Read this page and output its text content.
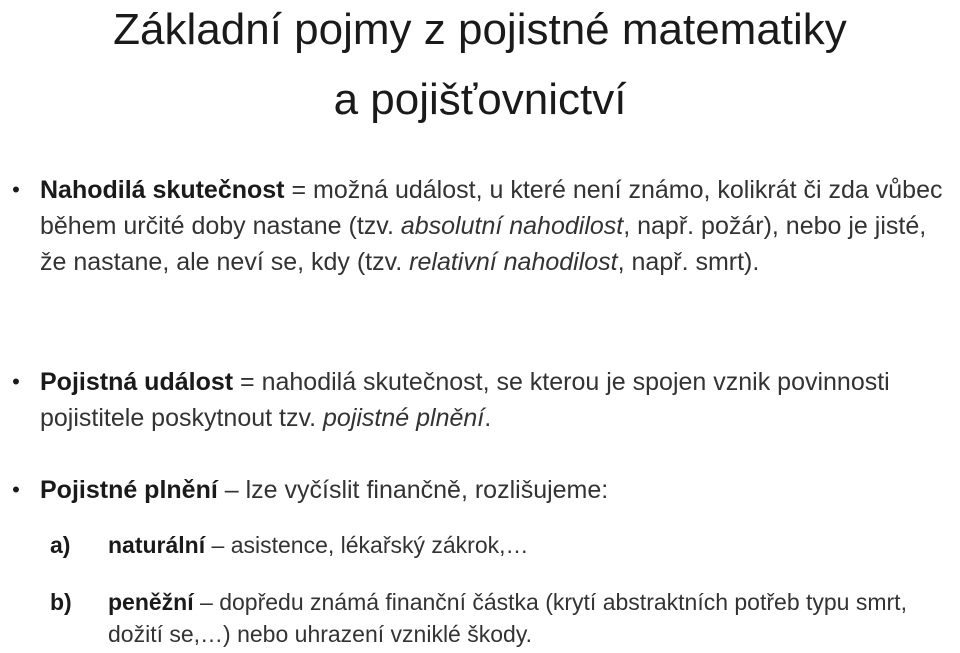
Základní pojmy z pojistné matematiky
a pojišťovnictví
• Nahodilá skutečnost = možná událost, u které není známo, kolikrát či zda vůbec během určité doby nastane (tzv. absolutní nahodilost, např. požár), nebo je jisté, že nastane, ale neví se, kdy (tzv. relativní nahodilost, např. smrt).
• Pojistná událost = nahodilá skutečnost, se kterou je spojen vznik povinnosti pojistitele poskytnout tzv. pojistné plnění.
• Pojistné plnění – lze vyčíslit finančně, rozlišujeme:
a) naturální – asistence, lékařský zákrok,…
b) peněžní – dopředu známá finanční částka (krytí abstraktních potřeb typu smrt, dožití se,…) nebo uhrazení vzniklé škody.
